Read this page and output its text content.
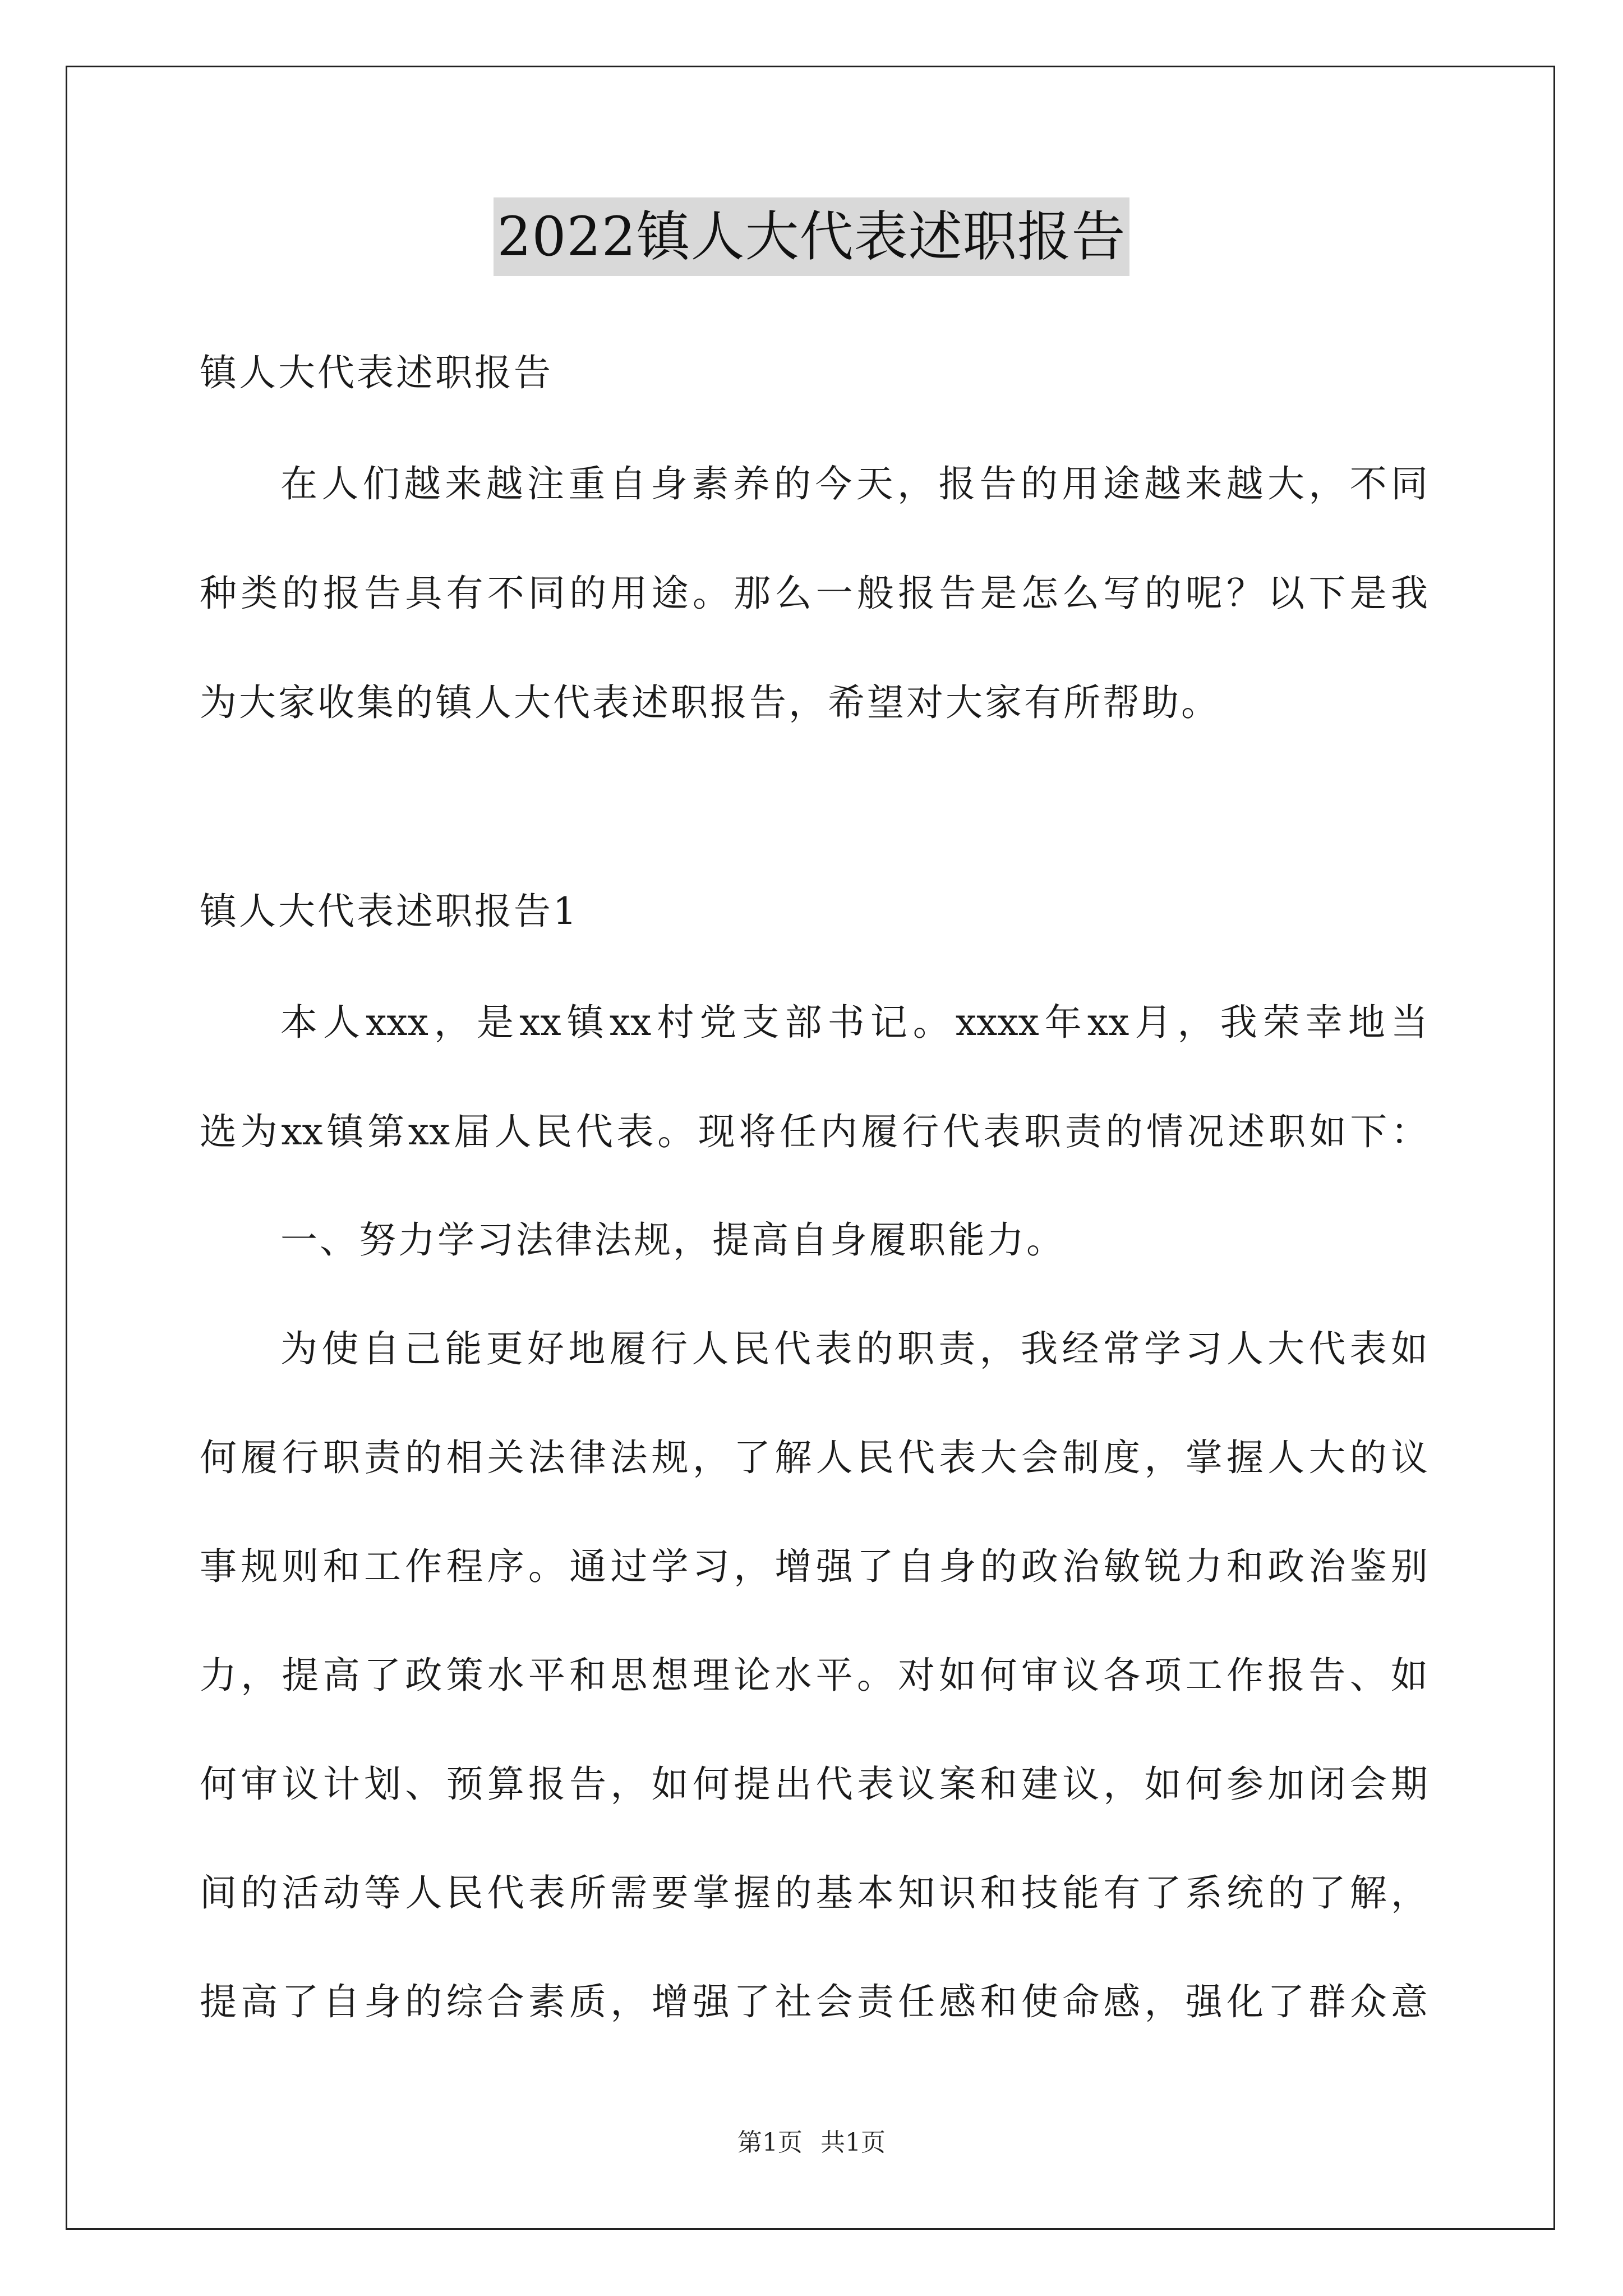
2022镇人大代表述职报告
镇人大代表述职报告
在人们越来越注重自身素养的今天，报告的用途越来越大，不同
种类的报告具有不同的用途。那么一般报告是怎么写的呢？以下是我
为大家收集的镇人大代表述职报告，希望对大家有所帮助。
镇人大代表述职报告1
本人xxx，是xx镇xx村党支部书记。xxxx年xx月，我荣幸地当
选为xx镇第xx届人民代表。现将任内履行代表职责的情况述职如下：
一、努力学习法律法规，提高自身履职能力。
为使自己能更好地履行人民代表的职责，我经常学习人大代表如
何履行职责的相关法律法规，了解人民代表大会制度，掌握人大的议
事规则和工作程序。通过学习，增强了自身的政治敏锐力和政治鉴别
力，提高了政策水平和思想理论水平。对如何审议各项工作报告、如
何审议计划、预算报告，如何提出代表议案和建议，如何参加闭会期
间的活动等人民代表所需要掌握的基本知识和技能有了系统的了解，
提高了自身的综合素质，增强了社会责任感和使命感，强化了群众意
第1页 共1页
